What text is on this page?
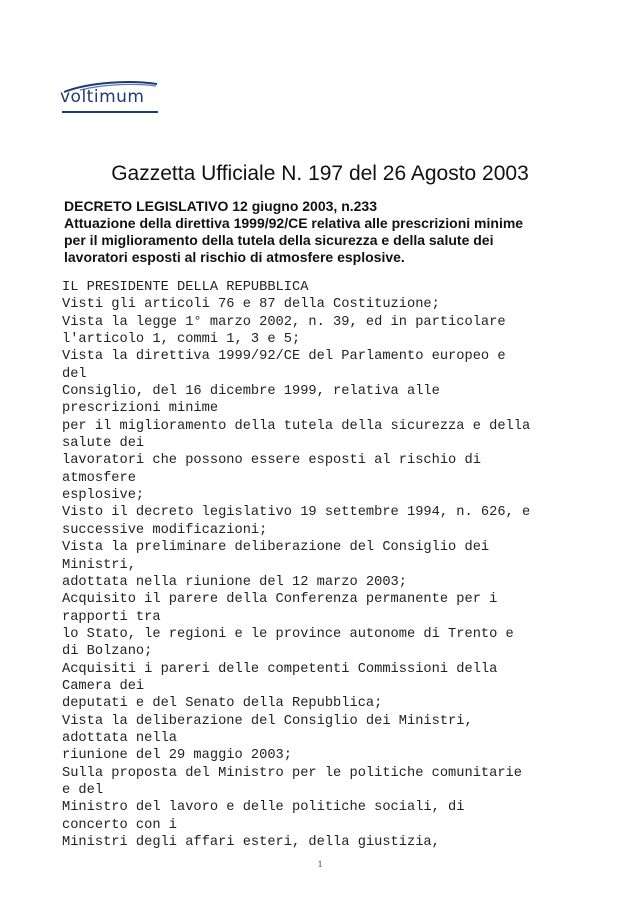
voltimum
Gazzetta Ufficiale N. 197 del 26 Agosto 2003
DECRETO LEGISLATIVO 12 giugno 2003, n.233
Attuazione della direttiva 1999/92/CE relativa alle prescrizioni minime
per il miglioramento della tutela della sicurezza e della salute dei
lavoratori esposti al rischio di atmosfere esplosive.
IL PRESIDENTE DELLA REPUBBLICA
Visti gli articoli 76 e 87 della Costituzione;
Vista la legge 1° marzo 2002, n. 39, ed in particolare
l'articolo 1, commi 1, 3 e 5;
Vista la direttiva 1999/92/CE del Parlamento europeo e
del
Consiglio, del 16 dicembre 1999, relativa alle
prescrizioni minime
per il miglioramento della tutela della sicurezza e della
salute dei
lavoratori che possono essere esposti al rischio di
atmosfere
esplosive;
Visto il decreto legislativo 19 settembre 1994, n. 626, e
successive modificazioni;
Vista la preliminare deliberazione del Consiglio dei
Ministri,
adottata nella riunione del 12 marzo 2003;
Acquisito il parere della Conferenza permanente per i
rapporti tra
lo Stato, le regioni e le province autonome di Trento e
di Bolzano;
Acquisiti i pareri delle competenti Commissioni della
Camera dei
deputati e del Senato della Repubblica;
Vista la deliberazione del Consiglio dei Ministri,
adottata nella
riunione del 29 maggio 2003;
Sulla proposta del Ministro per le politiche comunitarie
e del
Ministro del lavoro e delle politiche sociali, di
concerto con i
Ministri degli affari esteri, della giustizia,
1
